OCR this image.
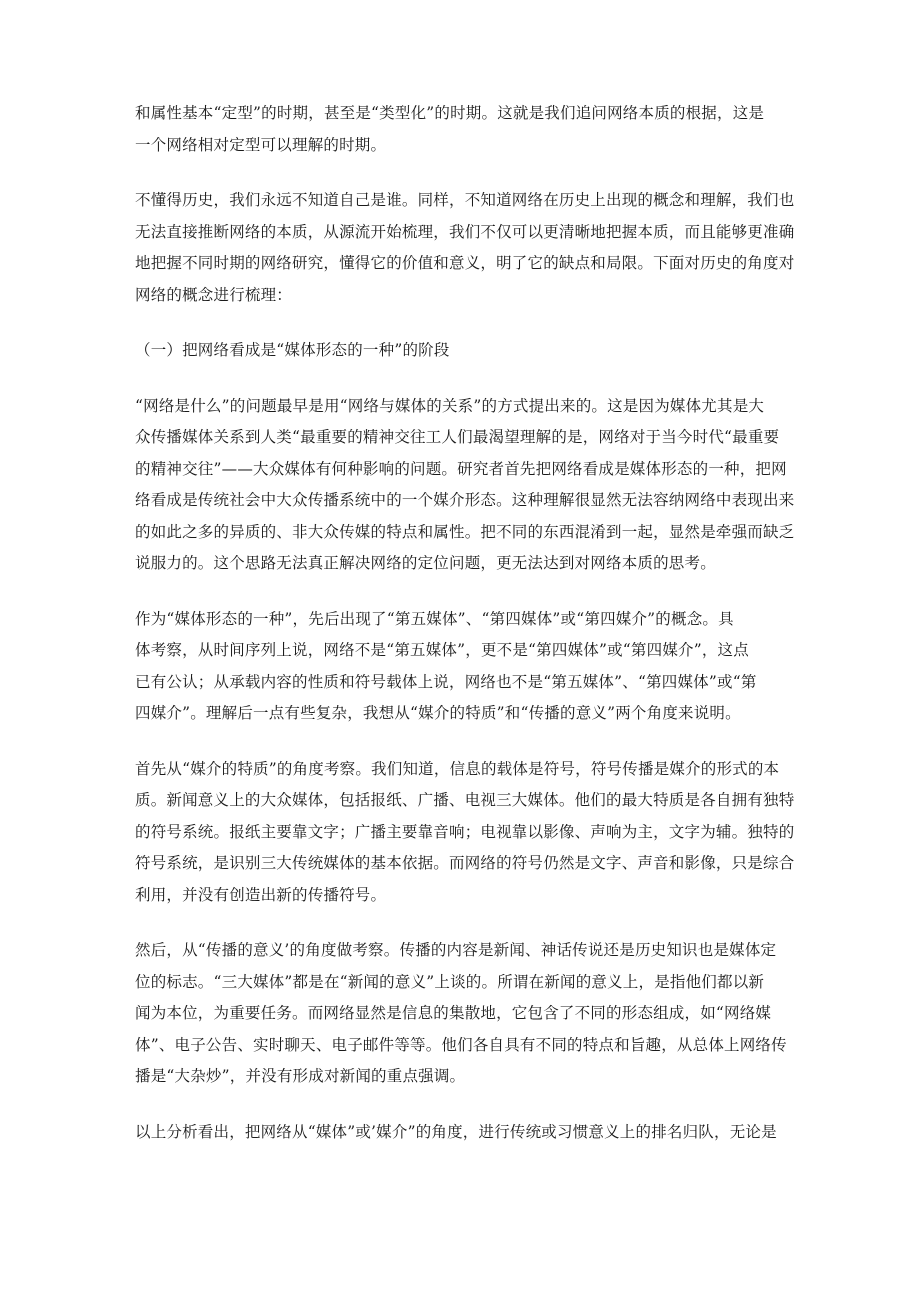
和属性基本“定型”的时期，甚至是“类型化”的时期。这就是我们追问网络本质的根据，这是
一个网络相对定型可以理解的时期。

不懂得历史，我们永远不知道自己是谁。同样，不知道网络在历史上出现的概念和理解，我们也
无法直接推断网络的本质，从源流开始梳理，我们不仅可以更清晰地把握本质，而且能够更准确
地把握不同时期的网络研究，懂得它的价值和意义，明了它的缺点和局限。下面对历史的角度对
网络的概念进行梳理：

（一）把网络看成是“媒体形态的一种”的阶段

“网络是什么”的问题最早是用“网络与媒体的关系”的方式提出来的。这是因为媒体尤其是大
众传播媒体关系到人类“最重要的精神交往工人们最渴望理解的是，网络对于当今时代“最重要
的精神交往”——大众媒体有何种影响的问题。研究者首先把网络看成是媒体形态的一种，把网
络看成是传统社会中大众传播系统中的一个媒介形态。这种理解很显然无法容纳网络中表现出来
的如此之多的异质的、非大众传媒的特点和属性。把不同的东西混淆到一起，显然是牵强而缺乏
说服力的。这个思路无法真正解决网络的定位问题，更无法达到对网络本质的思考。

作为“媒体形态的一种”，先后出现了“第五媒体”、“第四媒体”或“第四媒介”的概念。具
体考察，从时间序列上说，网络不是“第五媒体”，更不是“第四媒体”或“第四媒介”，这点
已有公认；从承载内容的性质和符号载体上说，网络也不是“第五媒体”、“第四媒体”或“第
四媒介”。理解后一点有些复杂，我想从“媒介的特质”和“传播的意义”两个角度来说明。

首先从“媒介的特质”的角度考察。我们知道，信息的载体是符号，符号传播是媒介的形式的本
质。新闻意义上的大众媒体，包括报纸、广播、电视三大媒体。他们的最大特质是各自拥有独特
的符号系统。报纸主要靠文字；广播主要靠音响；电视靠以影像、声响为主，文字为辅。独特的
符号系统，是识别三大传统媒体的基本依据。而网络的符号仍然是文字、声音和影像，只是综合
利用，并没有创造出新的传播符号。

然后，从“传播的意义’的角度做考察。传播的内容是新闻、神话传说还是历史知识也是媒体定
位的标志。“三大媒体”都是在“新闻的意义”上谈的。所谓在新闻的意义上，是指他们都以新
闻为本位，为重要任务。而网络显然是信息的集散地，它包含了不同的形态组成，如“网络媒
体”、电子公告、实时聊天、电子邮件等等。他们各自具有不同的特点和旨趣，从总体上网络传
播是“大杂炒”，并没有形成对新闻的重点强调。

以上分析看出，把网络从“媒体”或’媒介”的角度，进行传统或习惯意义上的排名归队，无论是
